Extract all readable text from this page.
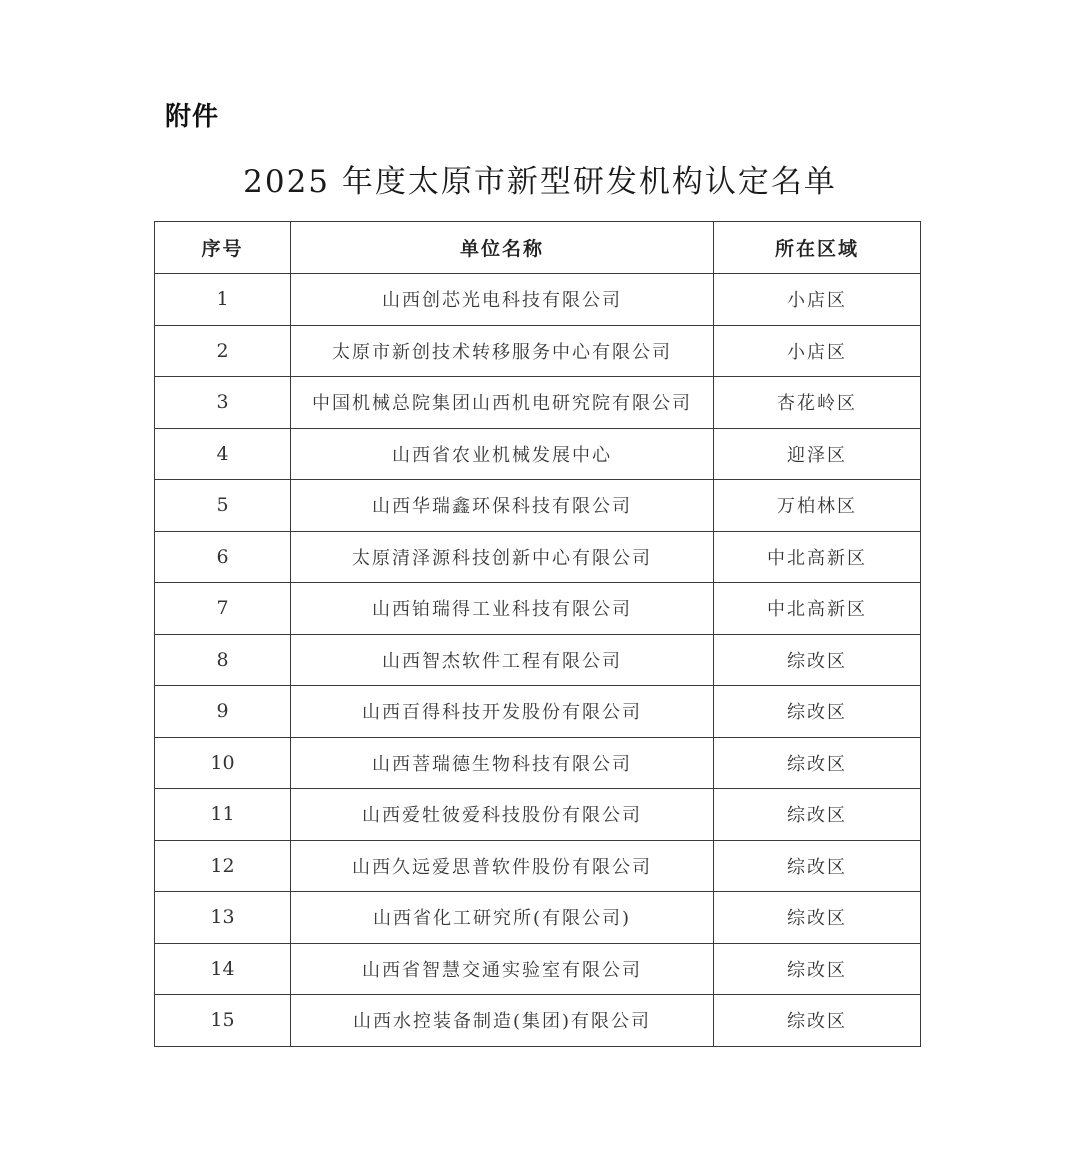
附件
2025 年度太原市新型研发机构认定名单
序号	单位名称	所在区域
1	山西创芯光电科技有限公司	小店区
2	太原市新创技术转移服务中心有限公司	小店区
3	中国机械总院集团山西机电研究院有限公司	杏花岭区
4	山西省农业机械发展中心	迎泽区
5	山西华瑞鑫环保科技有限公司	万柏林区
6	太原清泽源科技创新中心有限公司	中北高新区
7	山西铂瑞得工业科技有限公司	中北高新区
8	山西智杰软件工程有限公司	综改区
9	山西百得科技开发股份有限公司	综改区
10	山西菩瑞德生物科技有限公司	综改区
11	山西爱牡彼爱科技股份有限公司	综改区
12	山西久远爱思普软件股份有限公司	综改区
13	山西省化工研究所(有限公司)	综改区
14	山西省智慧交通实验室有限公司	综改区
15	山西水控装备制造(集团)有限公司	综改区
